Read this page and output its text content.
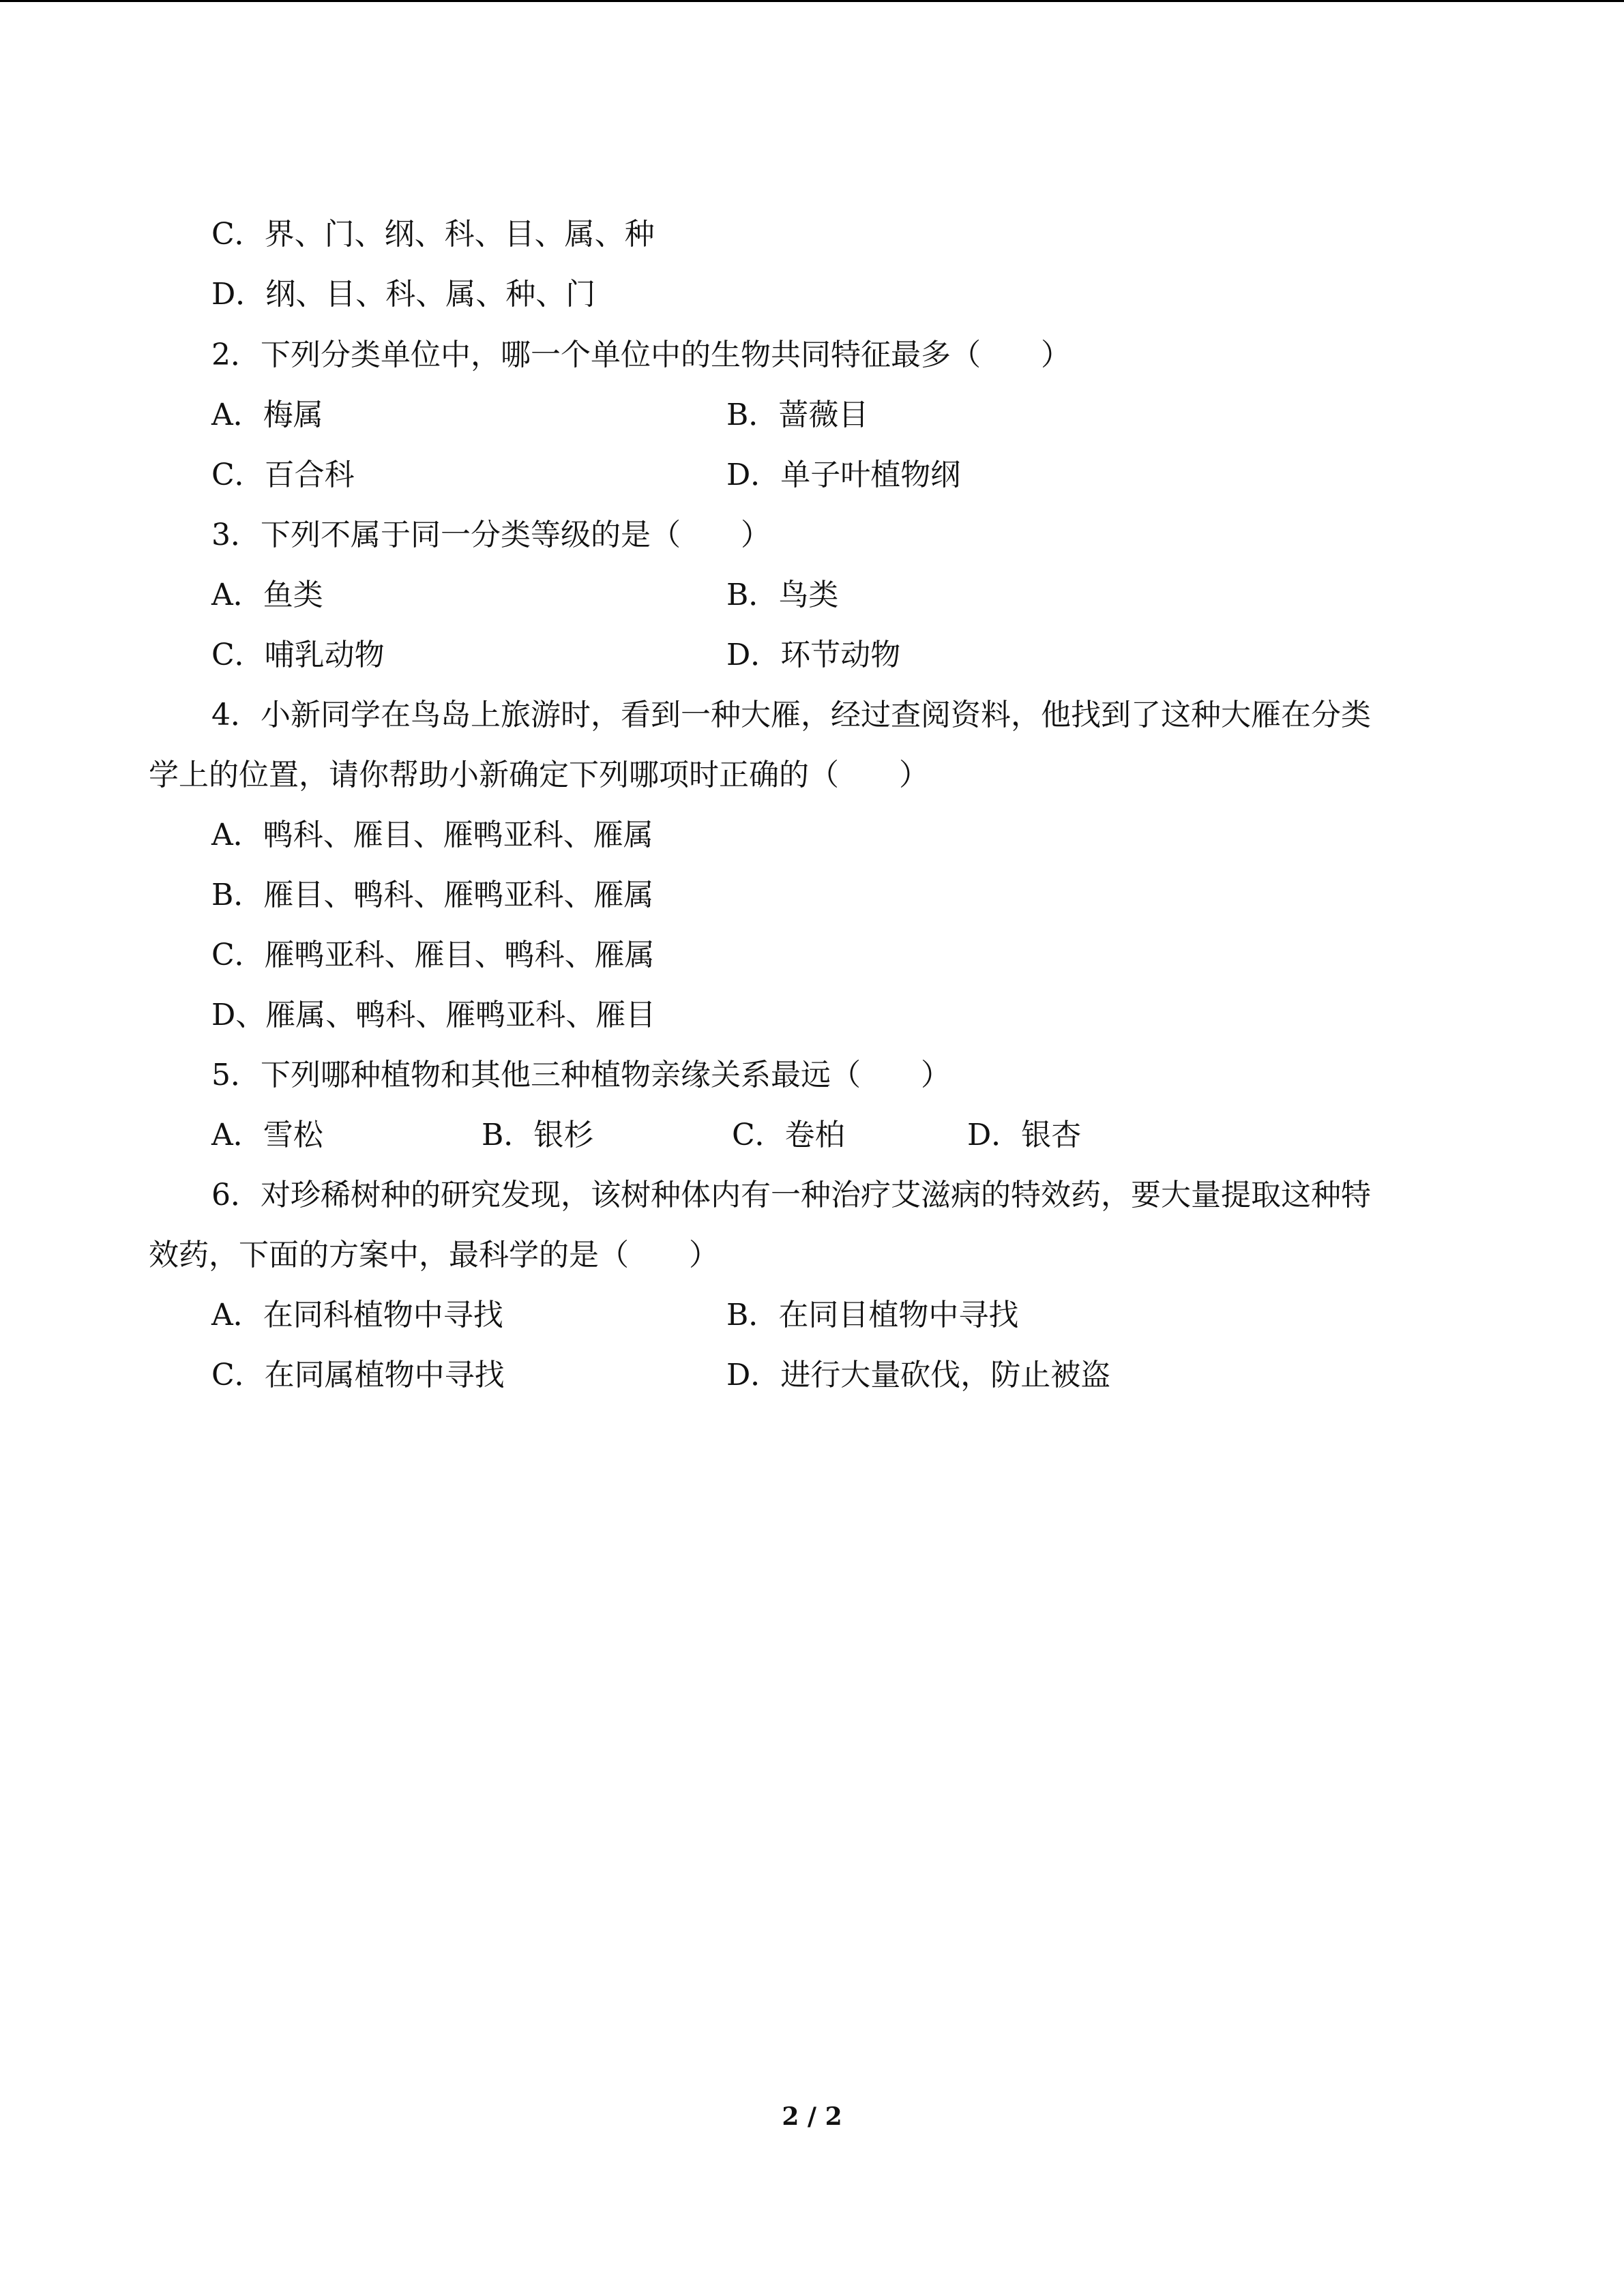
C．界、门、纲、科、目、属、种
D．纲、目、科、属、种、门
2．下列分类单位中，哪一个单位中的生物共同特征最多（　　）
A．梅属	B．蔷薇目
C．百合科	D．单子叶植物纲
3．下列不属于同一分类等级的是（　　）
A．鱼类	B．鸟类
C．哺乳动物	D．环节动物
4．小新同学在鸟岛上旅游时，看到一种大雁，经过查阅资料，他找到了这种大雁在分类
学上的位置，请你帮助小新确定下列哪项时正确的（　　）
A．鸭科、雁目、雁鸭亚科、雁属
B．雁目、鸭科、雁鸭亚科、雁属
C．雁鸭亚科、雁目、鸭科、雁属
D、雁属、鸭科、雁鸭亚科、雁目
5．下列哪种植物和其他三种植物亲缘关系最远（　　）
A．雪松	B．银杉	C．卷柏	D．银杏
6．对珍稀树种的研究发现，该树种体内有一种治疗艾滋病的特效药，要大量提取这种特
效药，下面的方案中，最科学的是（　　）
A．在同科植物中寻找	B．在同目植物中寻找
C．在同属植物中寻找	D．进行大量砍伐，防止被盗
2 / 2
